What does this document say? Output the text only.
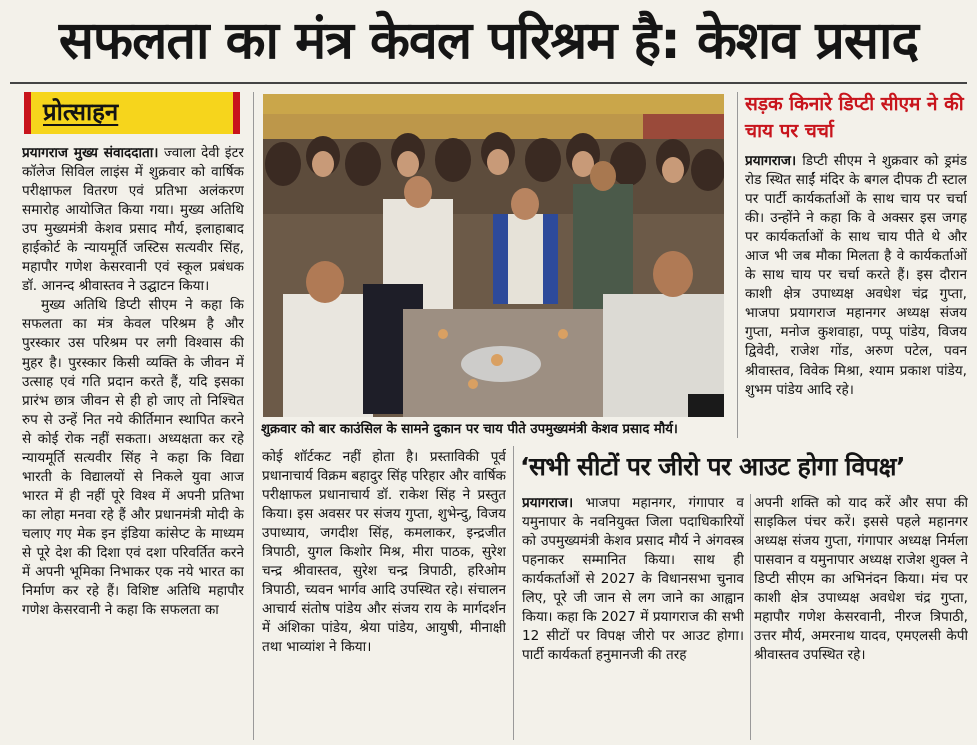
सफलता का मंत्र केवल परिश्रम है: केशव प्रसाद
प्रोत्साहन

प्रयागराज मुख्य संवाददाता। ज्वाला देवी इंटर कॉलेज सिविल लाइंस में शुक्रवार को वार्षिक परीक्षाफल वितरण एवं प्रतिभा अलंकरण समारोह आयोजित किया गया। मुख्य अतिथि उप मुख्यमंत्री केशव प्रसाद मौर्य, इलाहाबाद हाईकोर्ट के न्यायमूर्ति जस्टिस सत्यवीर सिंह, महापौर गणेश केसरवानी एवं स्कूल प्रबंधक डॉ. आनन्द श्रीवास्तव ने उद्घाटन किया।

मुख्य अतिथि डिप्टी सीएम ने कहा कि सफलता का मंत्र केवल परिश्रम है और पुरस्कार उस परिश्रम पर लगी विश्वास की मुहर है। पुरस्कार किसी व्यक्ति के जीवन में उत्साह एवं गति प्रदान करते हैं, यदि इसका प्रारंभ छात्र जीवन से ही हो जाए तो निश्चित रुप से उन्हें नित नये कीर्तिमान स्थापित करने से कोई रोक नहीं सकता। अध्यक्षता कर रहे न्यायमूर्ति सत्यवीर सिंह ने कहा कि विद्या भारती के विद्यालयों से निकले युवा आज भारत में ही नहीं पूरे विश्व में अपनी प्रतिभा का लोहा मनवा रहे हैं और प्रधानमंत्री मोदी के चलाए गए मेक इन इंडिया कांसेप्ट के माध्यम से पूरे देश की दिशा एवं दशा परिवर्तित करने में अपनी भूमिका निभाकर एक नये भारत का निर्माण कर रहे हैं। विशिष्ट अतिथि महापौर गणेश केसरवानी ने कहा कि सफलता का

शुक्रवार को बार काउंसिल के सामने दुकान पर चाय पीते उपमुख्यमंत्री केशव प्रसाद मौर्य।
सड़क किनारे डिप्टी सीएम ने की चाय पर चर्चा

प्रयागराज। डिप्टी सीएम ने शुक्रवार को ड्रमंड रोड स्थित साईं मंदिर के बगल दीपक टी स्टाल पर पार्टी कार्यकर्ताओं के साथ चाय पर चर्चा की। उन्होंने ने कहा कि वे अक्सर इस जगह पर कार्यकर्ताओं के साथ चाय पीते थे और आज भी जब मौका मिलता है वे कार्यकर्ताओं के साथ चाय पर चर्चा करते हैं। इस दौरान काशी क्षेत्र उपाध्यक्ष अवधेश चंद्र गुप्ता, भाजपा प्रयागराज महानगर अध्यक्ष संजय गुप्ता, मनोज कुशवाहा, पप्पू पांडेय, विजय द्विवेदी, राजेश गोंड, अरुण पटेल, पवन श्रीवास्तव, विवेक मिश्रा, श्याम प्रकाश पांडेय, शुभम पांडेय आदि रहे।

कोई शॉर्टकट नहीं होता है। प्रस्ताविकी पूर्व प्रधानाचार्य विक्रम बहादुर सिंह परिहार और वार्षिक परीक्षाफल प्रधानाचार्य डॉ. राकेश सिंह ने प्रस्तुत किया। इस अवसर पर संजय गुप्ता, शुभेन्दु, विजय उपाध्याय, जगदीश सिंह, कमलाकर, इन्द्रजीत त्रिपाठी, युगल किशोर मिश्र, मीरा पाठक, सुरेश चन्द्र श्रीवास्तव, सुरेश चन्द्र त्रिपाठी, हरिओम त्रिपाठी, च्यवन भार्गव आदि उपस्थित रहे। संचालन आचार्य संतोष पांडेय और संजय राय के मार्गदर्शन में अंशिका पांडेय, श्रेया पांडेय, आयुषी, मीनाक्षी तथा भाव्यांश ने किया।

‘सभी सीटों पर जीरो पर आउट होगा विपक्ष’

प्रयागराज। भाजपा महानगर, गंगापार व यमुनापार के नवनियुक्त जिला पदाधिकारियों को उपमुख्यमंत्री केशव प्रसाद मौर्य ने अंगवस्त्र पहनाकर सम्मानित किया। साथ ही कार्यकर्ताओं से 2027 के विधानसभा चुनाव लिए, पूरे जी जान से लग जाने का आह्वान किया। कहा कि 2027 में प्रयागराज की सभी 12 सीटों पर विपक्ष जीरो पर आउट होगा। पार्टी कार्यकर्ता हनुमानजी की तरह

अपनी शक्ति को याद करें और सपा की साइकिल पंचर करें। इससे पहले महानगर अध्यक्ष संजय गुप्ता, गंगापार अध्यक्ष निर्मला पासवान व यमुनापार अध्यक्ष राजेश शुक्ल ने डिप्टी सीएम का अभिनंदन किया। मंच पर काशी क्षेत्र उपाध्यक्ष अवधेश चंद्र गुप्ता, महापौर गणेश केसरवानी, नीरज त्रिपाठी, उत्तर मौर्य, अमरनाथ यादव, एमएलसी केपी श्रीवास्तव उपस्थित रहे।
